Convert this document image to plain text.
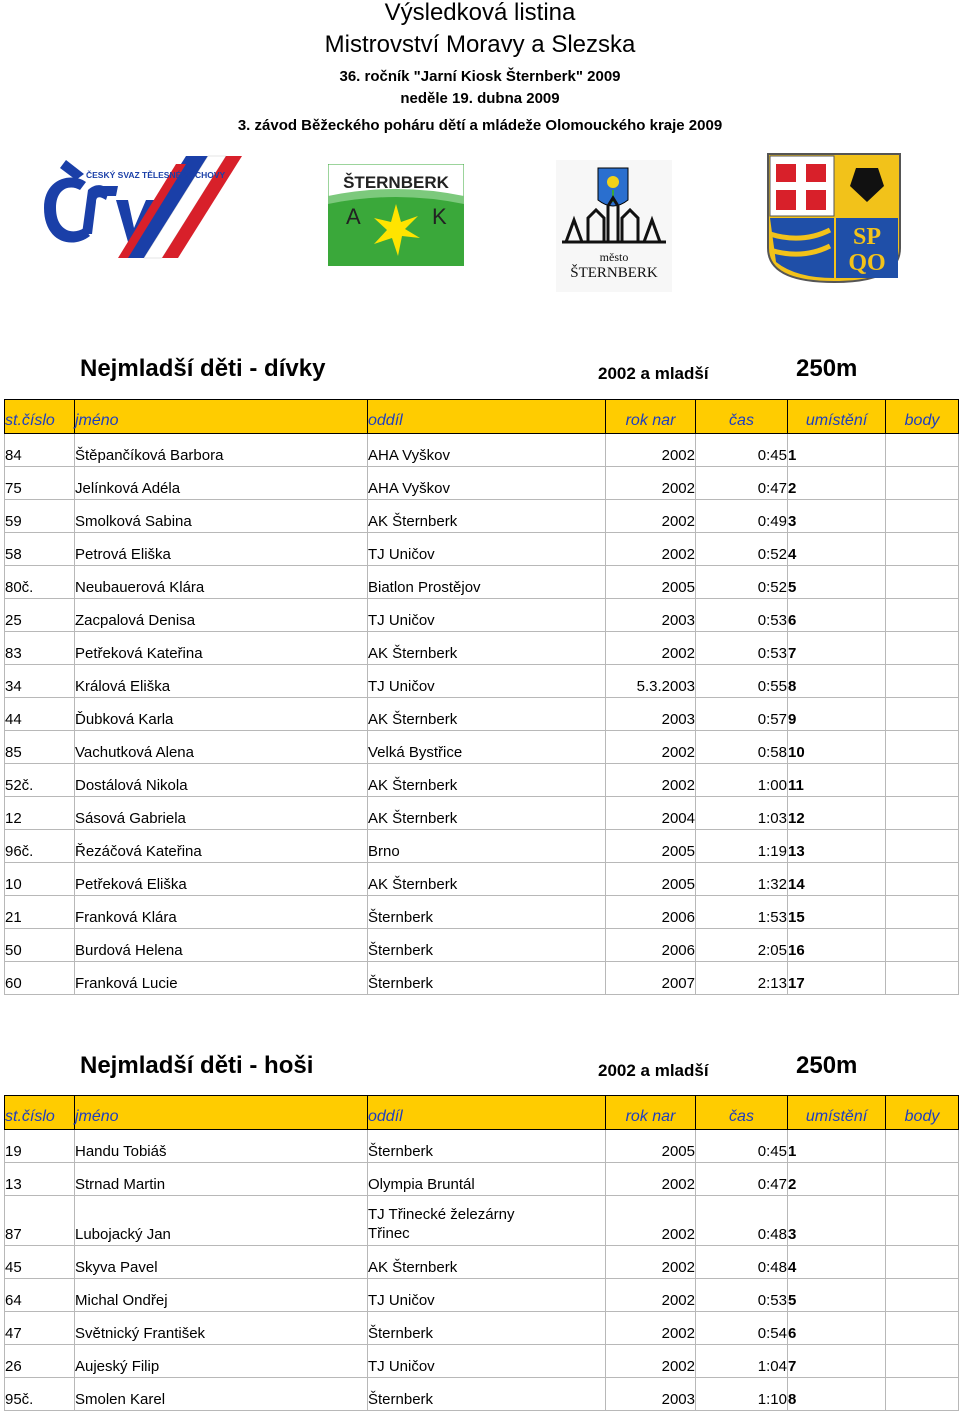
Výsledková listina
Mistrovství Moravy a Slezska
36. ročník "Jarní Kiosk Šternberk" 2009
neděle 19. dubna 2009
3. závod Běžeckého poháru dětí a mládeže Olomouckého kraje 2009
ČESKÝ SVAZ TĚLESNÉ VÝCHOVY	ŠTERNBERK
A	K
město
ŠTERNBERK
SP
QO
Nejmladší děti - dívky	2002 a mladší	250m
st.číslo	jméno	oddíl	rok nar	čas	umístění	body
84	Štěpančíková Barbora	AHA Vyškov	2002	0:45	1	
75	Jelínková Adéla	AHA Vyškov	2002	0:47	2	
59	Smolková Sabina	AK Šternberk	2002	0:49	3	
58	Petrová Eliška	TJ Uničov	2002	0:52	4	
80č.	Neubauerová Klára	Biatlon Prostějov	2005	0:52	5	
25	Zacpalová Denisa	TJ Uničov	2003	0:53	6	
83	Petřeková Kateřina	AK Šternberk	2002	0:53	7	
34	Králová Eliška	TJ Uničov	5.3.2003	0:55	8	
44	Ďubková Karla	AK Šternberk	2003	0:57	9	
85	Vachutková Alena	Velká Bystřice	2002	0:58	10	
52č.	Dostálová Nikola	AK Šternberk	2002	1:00	11	
12	Sásová Gabriela	AK Šternberk	2004	1:03	12	
96č.	Řezáčová Kateřina	Brno	2005	1:19	13	
10	Petřeková Eliška	AK Šternberk	2005	1:32	14	
21	Franková Klára	Šternberk	2006	1:53	15	
50	Burdová Helena	Šternberk	2006	2:05	16	
60	Franková Lucie	Šternberk	2007	2:13	17	
Nejmladší děti - hoši	2002 a mladší	250m
st.číslo	jméno	oddíl	rok nar	čas	umístění	body
19	Handu Tobiáš	Šternberk	2005	0:45	1	
13	Strnad Martin	Olympia Bruntál	2002	0:47	2	
87	Lubojacký Jan	TJ Třinecké železárny
Třinec	2002	0:48	3	
45	Skyva Pavel	AK Šternberk	2002	0:48	4	
64	Michal Ondřej	TJ Uničov	2002	0:53	5	
47	Světnický František	Šternberk	2002	0:54	6	
26	Aujeský Filip	TJ Uničov	2002	1:04	7	
95č.	Smolen Karel	Šternberk	2003	1:10	8	
